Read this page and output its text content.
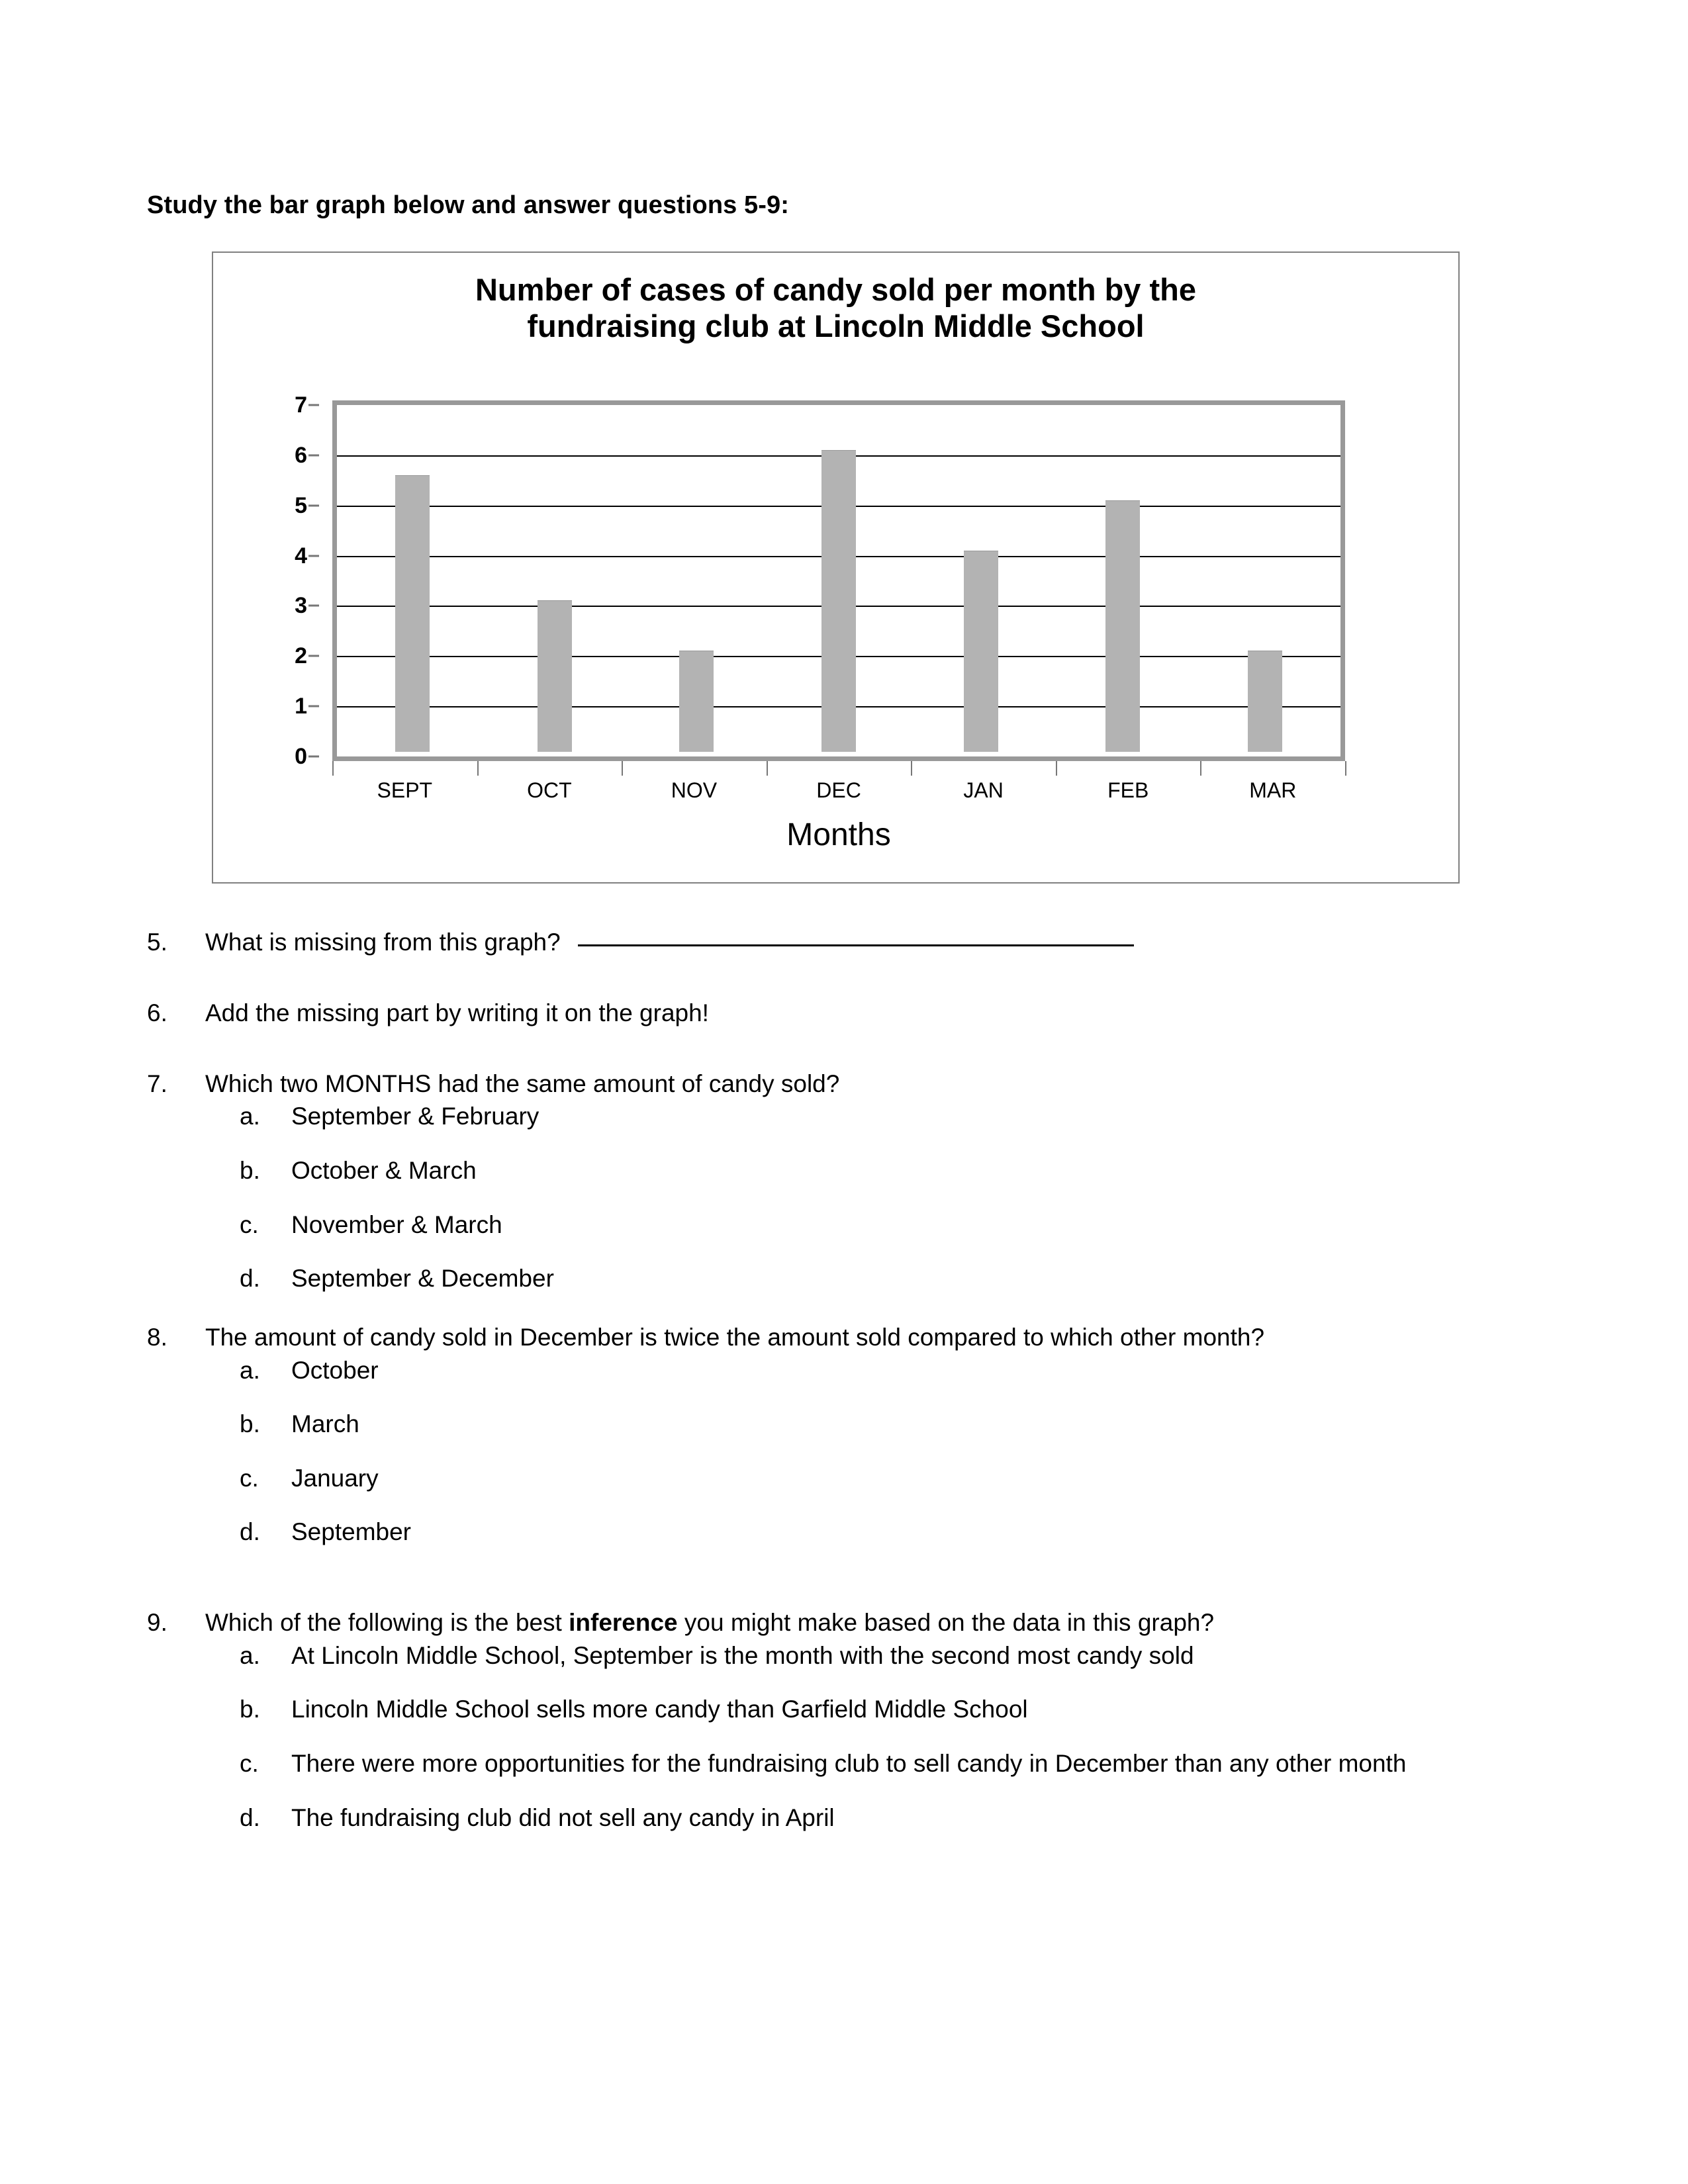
Study the bar graph below and answer questions 5-9:
Number of cases of candy sold per month by the
fundraising club at Lincoln Middle School
0
1
2
3
4
5
6
7
SEPT	OCT	NOV	DEC	JAN	FEB	MAR
Months
5.	What is missing from this graph?
6.	Add the missing part by writing it on the graph!
7.	Which two MONTHS had the same amount of candy sold?
a.	September & February
b.	October & March
c.	November & March
d.	September & December
8.	The amount of candy sold in December is twice the amount sold compared to which other month?
a.	October
b.	March
c.	January
d.	September
9.	Which of the following is the best inference you might make based on the data in this graph?
a.	At Lincoln Middle School, September is the month with the second most candy sold
b.	Lincoln Middle School sells more candy than Garfield Middle School
c.	There were more opportunities for the fundraising club to sell candy in December than any other month
d.	The fundraising club did not sell any candy in April
